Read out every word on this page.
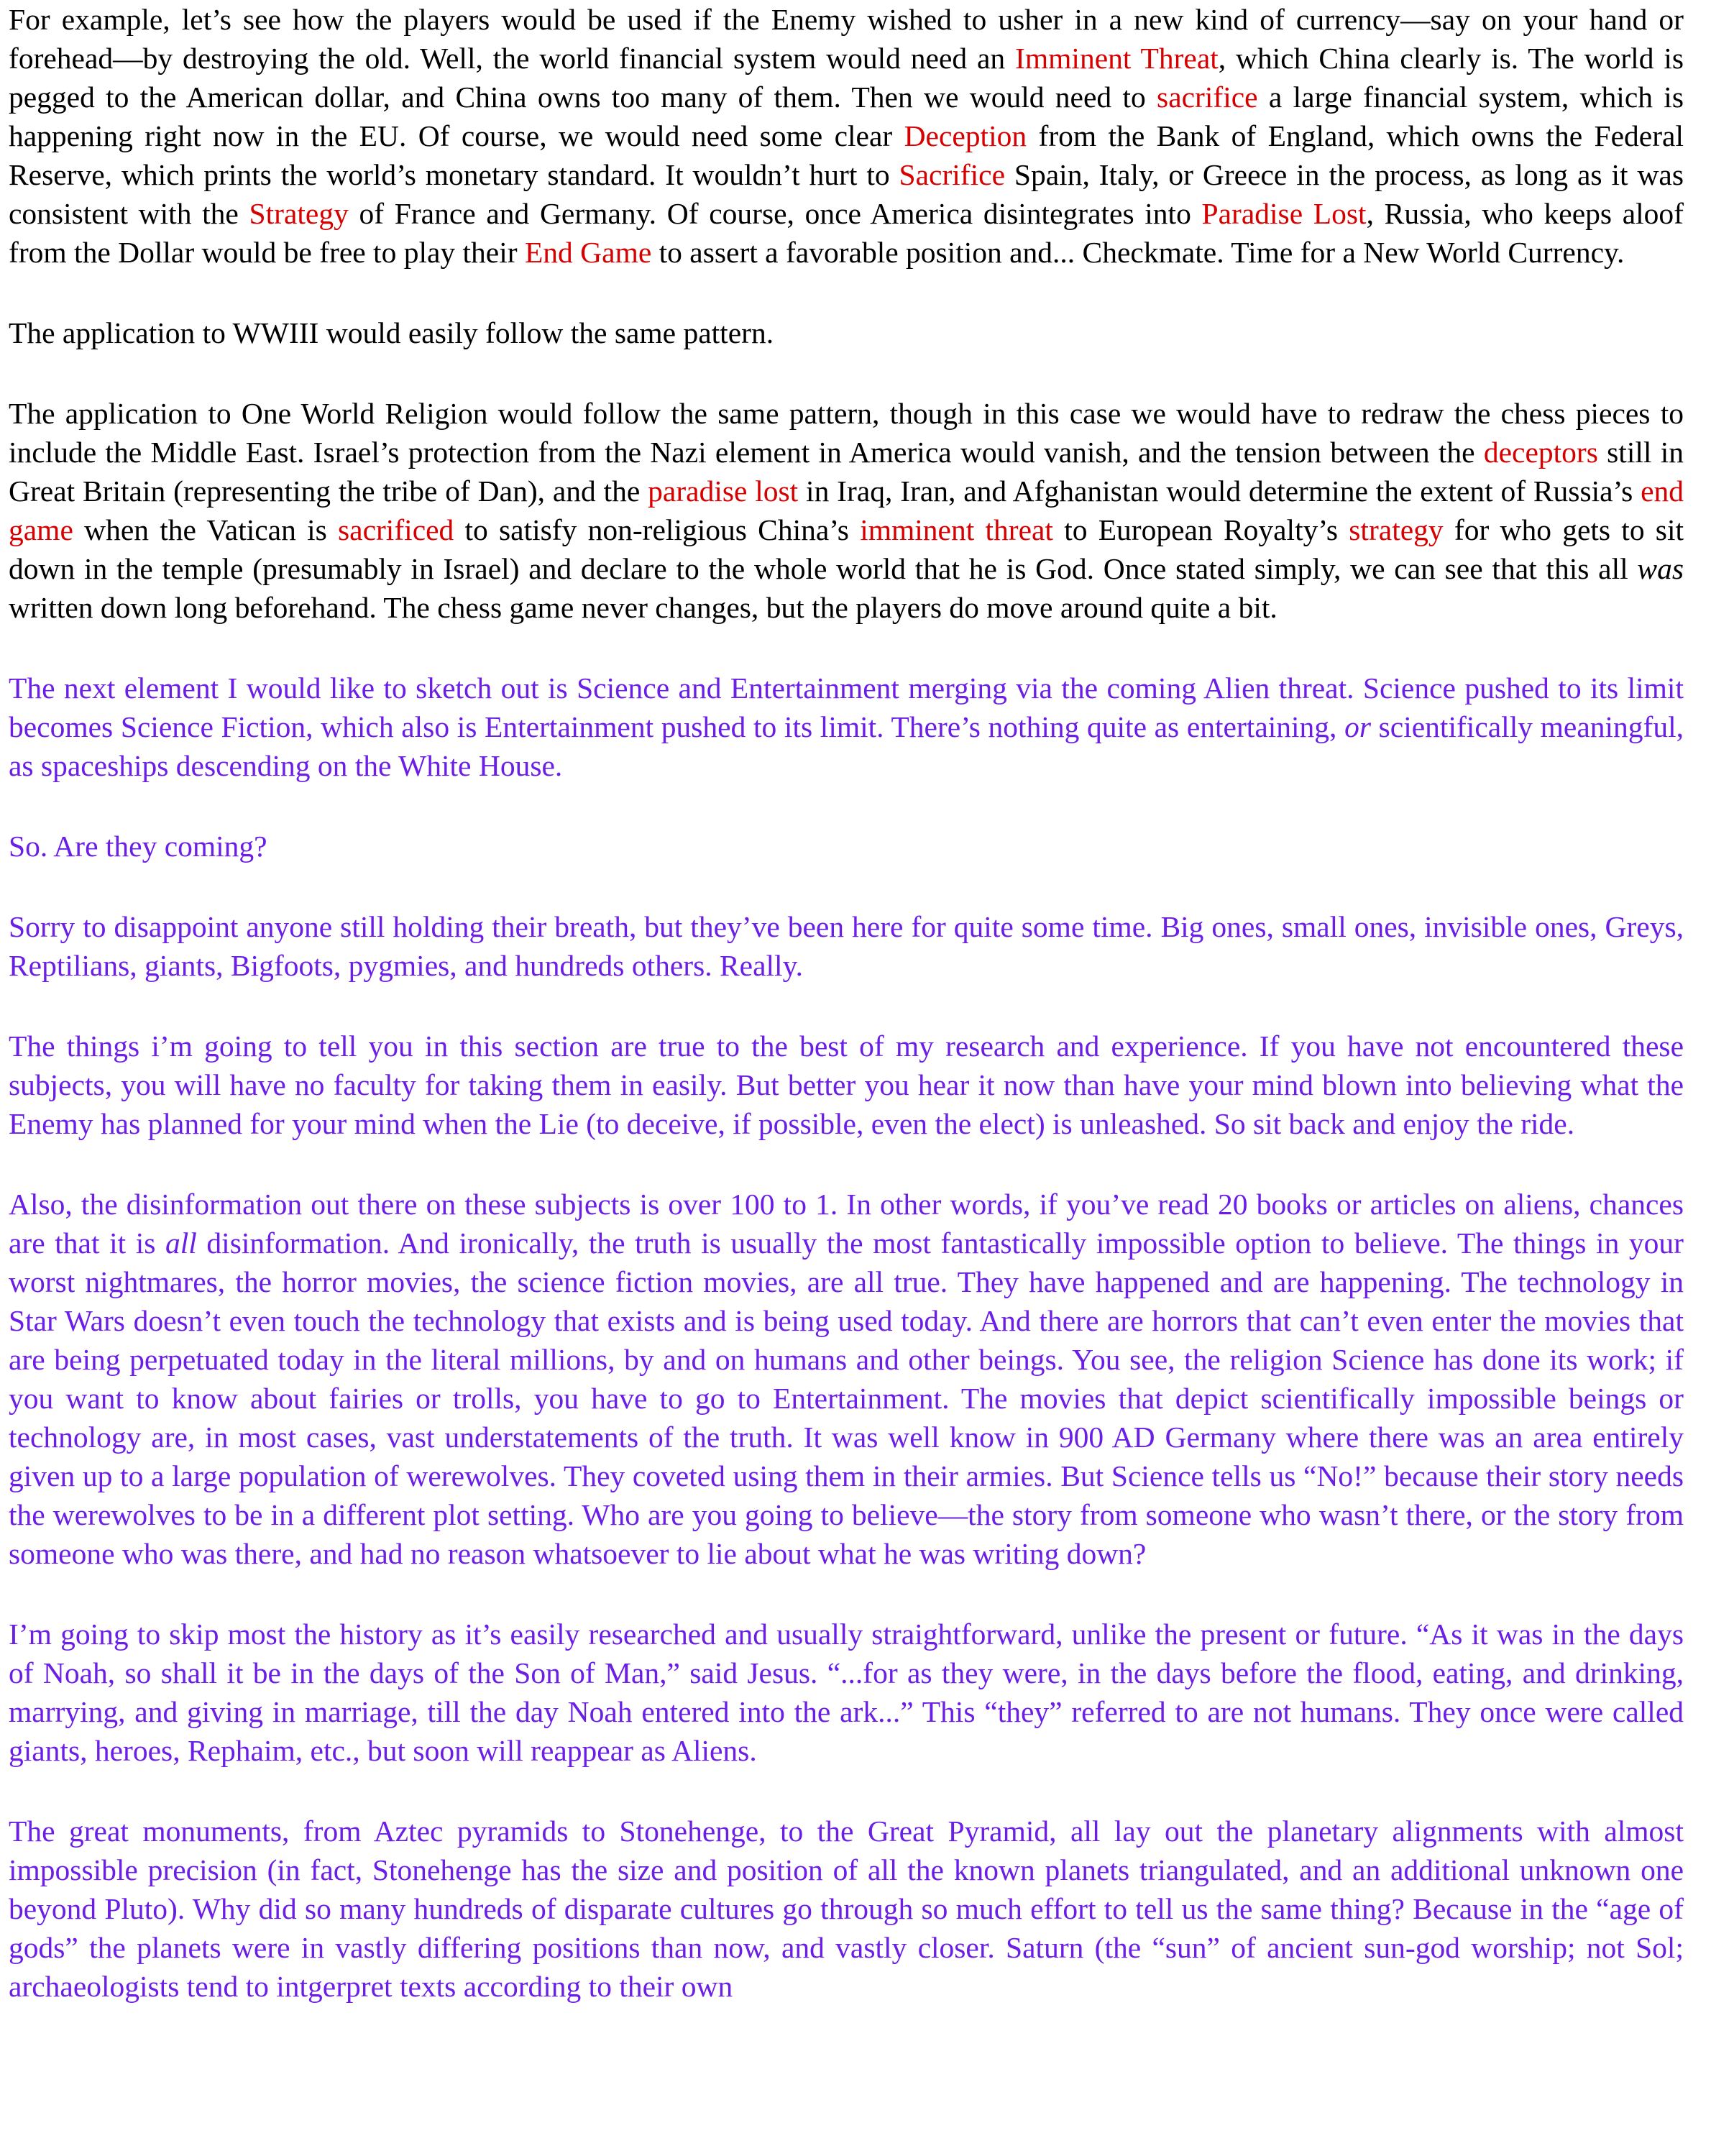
For example, let’s see how the players would be used if the Enemy wished to usher in a new kind of currency—say on your hand or forehead—by destroying the old. Well, the world financial system would need an Imminent Threat, which China clearly is. The world is pegged to the American dollar, and China owns too many of them. Then we would need to sacrifice a large financial system, which is happening right now in the EU. Of course, we would need some clear Deception from the Bank of England, which owns the Federal Reserve, which prints the world’s monetary standard. It wouldn’t hurt to Sacrifice Spain, Italy, or Greece in the process, as long as it was consistent with the Strategy of France and Germany. Of course, once America disintegrates into Paradise Lost, Russia, who keeps aloof from the Dollar would be free to play their End Game to assert a favorable position and... Checkmate. Time for a New World Currency.

The application to WWIII would easily follow the same pattern.

The application to One World Religion would follow the same pattern, though in this case we would have to redraw the chess pieces to include the Middle East. Israel’s protection from the Nazi element in America would vanish, and the tension between the deceptors still in Great Britain (representing the tribe of Dan), and the paradise lost in Iraq, Iran, and Afghanistan would determine the extent of Russia’s end game when the Vatican is sacrificed to satisfy non-religious China’s imminent threat to European Royalty’s strategy for who gets to sit down in the temple (presumably in Israel) and declare to the whole world that he is God. Once stated simply, we can see that this all was written down long beforehand. The chess game never changes, but the players do move around quite a bit.

The next element I would like to sketch out is Science and Entertainment merging via the coming Alien threat. Science pushed to its limit becomes Science Fiction, which also is Entertainment pushed to its limit. There’s nothing quite as entertaining, or scientifically meaningful, as spaceships descending on the White House.

So. Are they coming?

Sorry to disappoint anyone still holding their breath, but they’ve been here for quite some time. Big ones, small ones, invisible ones, Greys, Reptilians, giants, Bigfoots, pygmies, and hundreds others. Really.

The things i’m going to tell you in this section are true to the best of my research and experience. If you have not encountered these subjects, you will have no faculty for taking them in easily. But better you hear it now than have your mind blown into believing what the Enemy has planned for your mind when the Lie (to deceive, if possible, even the elect) is unleashed. So sit back and enjoy the ride.

Also, the disinformation out there on these subjects is over 100 to 1. In other words, if you’ve read 20 books or articles on aliens, chances are that it is all disinformation. And ironically, the truth is usually the most fantastically impossible option to believe. The things in your worst nightmares, the horror movies, the science fiction movies, are all true. They have happened and are happening. The technology in Star Wars doesn’t even touch the technology that exists and is being used today. And there are horrors that can’t even enter the movies that are being perpetuated today in the literal millions, by and on humans and other beings. You see, the religion Science has done its work; if you want to know about fairies or trolls, you have to go to Entertainment. The movies that depict scientifically impossible beings or technology are, in most cases, vast understatements of the truth. It was well know in 900 AD Germany where there was an area entirely given up to a large population of werewolves. They coveted using them in their armies. But Science tells us “No!” because their story needs the werewolves to be in a different plot setting. Who are you going to believe—the story from someone who wasn’t there, or the story from someone who was there, and had no reason whatsoever to lie about what he was writing down?

I’m going to skip most the history as it’s easily researched and usually straightforward, unlike the present or future. “As it was in the days of Noah, so shall it be in the days of the Son of Man,” said Jesus. “...for as they were, in the days before the flood, eating, and drinking, marrying, and giving in marriage, till the day Noah entered into the ark...” This “they” referred to are not humans. They once were called giants, heroes, Rephaim, etc., but soon will reappear as Aliens.

The great monuments, from Aztec pyramids to Stonehenge, to the Great Pyramid, all lay out the planetary alignments with almost impossible precision (in fact, Stonehenge has the size and position of all the known planets triangulated, and an additional unknown one beyond Pluto). Why did so many hundreds of disparate cultures go through so much effort to tell us the same thing? Because in the “age of gods” the planets were in vastly differing positions than now, and vastly closer. Saturn (the “sun” of ancient sun-god worship; not Sol; archaeologists tend to intgerpret texts according to their own
